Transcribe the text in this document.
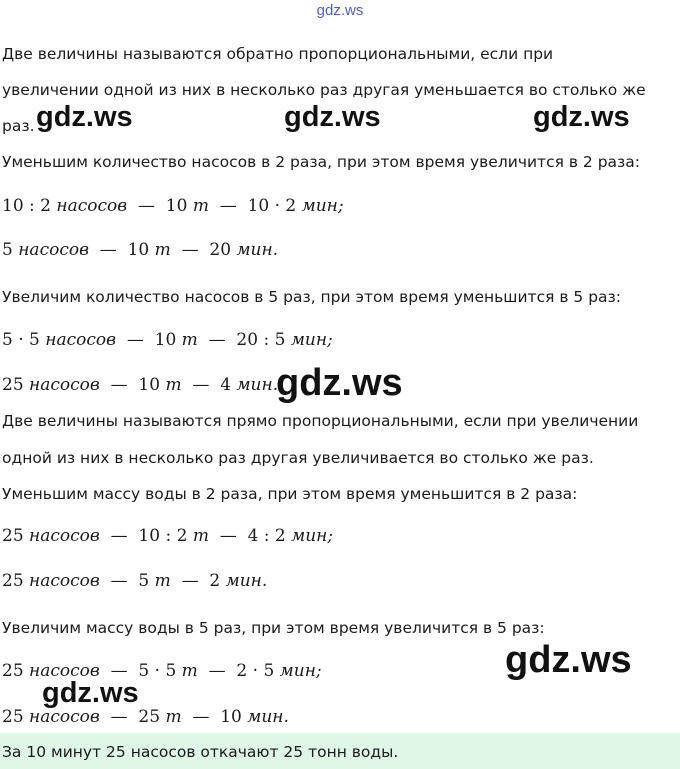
gdz.ws
Две величины называются обратно пропорциональными, если при
увеличении одной из них в несколько раз другая уменьшается во столько же
раз.
Уменьшим количество насосов в 2 раза, при этом время увеличится в 2 раза:
10 : 2 насосов — 10 т — 10 · 2 мин;
5 насосов — 10 т — 20 мин.
Увеличим количество насосов в 5 раз, при этом время уменьшится в 5 раз:
5 · 5 насосов — 10 т — 20 : 5 мин;
25 насосов — 10 т — 4 мин.
Две величины называются прямо пропорциональными, если при увеличении
одной из них в несколько раз другая увеличивается во столько же раз.
Уменьшим массу воды в 2 раза, при этом время уменьшится в 2 раза:
25 насосов — 10 : 2 т — 4 : 2 мин;
25 насосов — 5 т — 2 мин.
Увеличим массу воды в 5 раз, при этом время увеличится в 5 раз:
25 насосов — 5 · 5 т — 2 · 5 мин;
25 насосов — 25 т — 10 мин.
За 10 минут 25 насосов откачают 25 тонн воды.
gdz.ws	gdz.ws	gdz.ws
gdz.ws
gdz.ws
gdz.ws
